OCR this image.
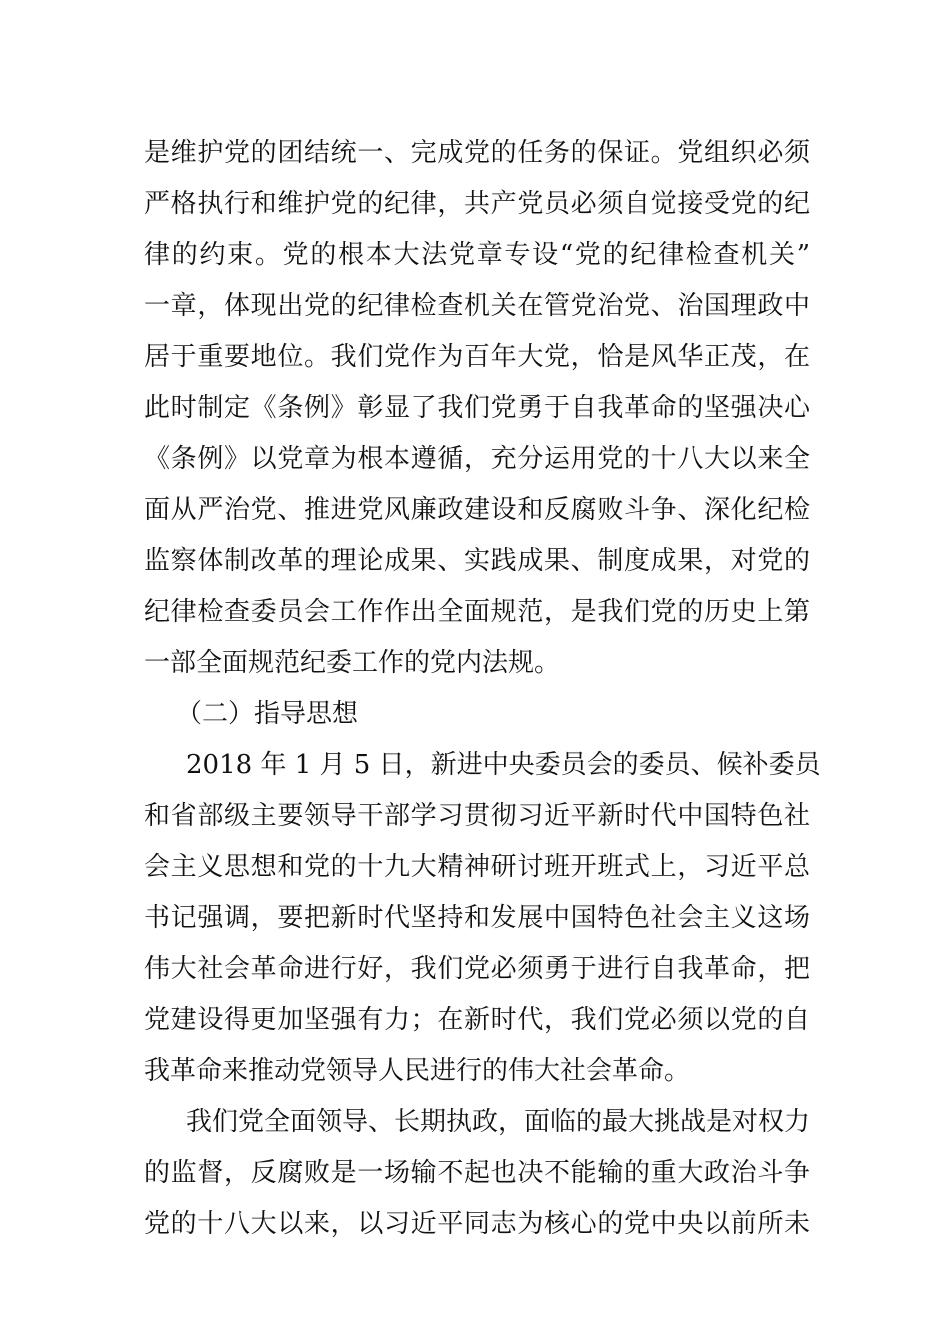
是维护党的团结统一、完成党的任务的保证。党组织必须
严格执行和维护党的纪律，共产党员必须自觉接受党的纪
律的约束。党的根本大法党章专设“党的纪律检查机关”
一章，体现出党的纪律检查机关在管党治党、治国理政中
居于重要地位。我们党作为百年大党，恰是风华正茂，在
此时制定《条例》彰显了我们党勇于自我革命的坚强决心
《条例》以党章为根本遵循，充分运用党的十八大以来全
面从严治党、推进党风廉政建设和反腐败斗争、深化纪检
监察体制改革的理论成果、实践成果、制度成果，对党的
纪律检查委员会工作作出全面规范，是我们党的历史上第
一部全面规范纪委工作的党内法规。
（二）指导思想
2018 年 1 月 5 日，新进中央委员会的委员、候补委员
和省部级主要领导干部学习贯彻习近平新时代中国特色社
会主义思想和党的十九大精神研讨班开班式上，习近平总
书记强调，要把新时代坚持和发展中国特色社会主义这场
伟大社会革命进行好，我们党必须勇于进行自我革命，把
党建设得更加坚强有力；在新时代，我们党必须以党的自
我革命来推动党领导人民进行的伟大社会革命。
我们党全面领导、长期执政，面临的最大挑战是对权力
的监督，反腐败是一场输不起也决不能输的重大政治斗争
党的十八大以来，以习近平同志为核心的党中央以前所未
